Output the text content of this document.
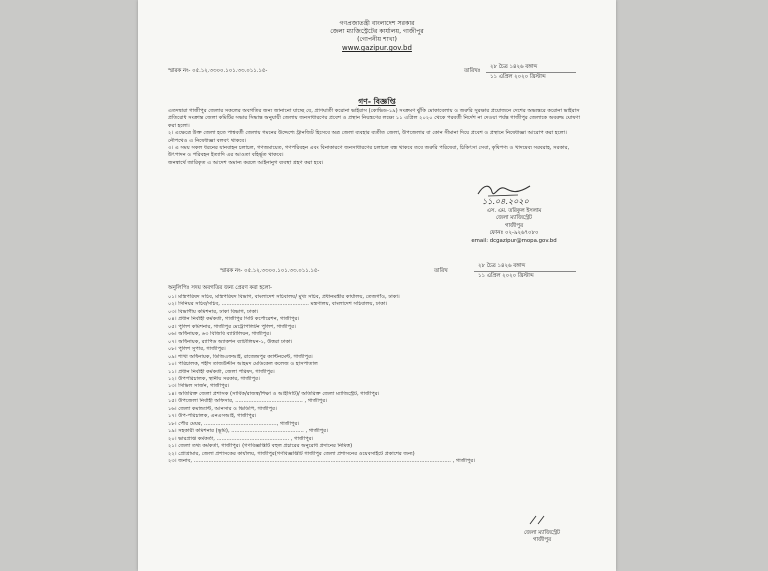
গণপ্রজাতন্ত্রী বাংলাদেশ সরকার
জেলা ম্যাজিস্ট্রেটের কার্যালয়, গাজীপুর
(গোপনীয় শাখা)
www.gazipur.gov.bd
স্মারক নং- ০৫.১২.৩৩০০.১০১.৩৩.০১১.১৫-	তারিখঃ
২৮ চৈত্র ১৪২৬ বঙ্গাব্দ
১১ এপ্রিল ২০২০ খ্রিস্টাব্দ
গণ- বিজ্ঞপ্তি

এতদদ্বারা গাজীপুর জেলার সকলের অবগতির জন্য জানানো যাচ্ছে যে, প্রাণঘাতী করোনা ভাইরাস (কোভিড-১৯) সংক্রমণ ঝুঁকি মোকাবেলায় ও জরুরি সুরক্ষার প্রয়োজনে দেশের অভ্যন্তরে করোনা ভাইরাস প্রতিরোধ সংক্রান্ত জেলা কমিটির সভার সিদ্ধান্ত অনুযায়ী জেলায় জনসাধারণের প্রবেশ ও প্রস্থান নিয়ন্ত্রণের লক্ষ্যে ১১ এপ্রিল ২০২০ থেকে পরবর্তী নির্দেশ না দেওয়া পর্যন্ত গাজীপুর জেলাকে অবরুদ্ধ ঘোষণা করা হলো।

২। এক্ষেত্রে উক্ত জেলা হতে পাশ্ববর্তী জেলায় গমনের উদ্দেশ্যে ট্রানজিট হিসেবে অত্র জেলা ব্যবহার ব্যতীত জেলা, উপজেলার বা কোন সীমানা দিয়ে প্রবেশ ও প্রস্থানে নিষেধাজ্ঞা আরোপ করা হলো। নৌপথেও এ নিষেধাজ্ঞা বলবৎ থাকবে।

৩। এ সময় সকল ধরনের যানবাহন চলাচল, গণজমায়েত, গণপরিবহন এবং বিনাকারণে জনসাধারণের চলাচল বন্ধ থাকবে তবে জরুরি পরিষেবা, চিকিৎসা সেবা, কৃষিপণ্য ও খাদ্যদ্রব্য সরবরাহ, সরকার, উৎপাদন ও পরিবহন ইত্যাদি এর আওতা বহির্ভূত থাকবে।

জনস্বার্থে জারিকৃত এ আদেশ অমান্য করলে আইনানুগ ব্যবস্থা গ্রহণ করা হবে।

১১.০৪.২০২০
এস. এম. তরিকুল ইসলাম
জেলা ম্যাজিস্ট্রেট
গাজীপুর
ফোনঃ ০২-৯২৬৭০৮০
email: dcgazipur@mopa.gov.bd
স্মারক নং- ০৫.১২.৩৩০০.১০১.৩৩.০১১.১৫-	তারিখ
২৮ চৈত্র ১৪২৬ বঙ্গাব্দ
১১ এপ্রিল ২০২০ খ্রিস্টাব্দ
অনুলিপিঃ সদয় অবগতির জন্য প্রেরণ করা হলো-
০১। মন্ত্রিপরিষদ সচিব, মন্ত্রিপরিষদ বিভাগ, বাংলাদেশ সচিবালয়/ মুখ্য সচিব, প্রধানমন্ত্রীর কার্যালয়, তেজগাঁও, ঢাকা।
০২। সিনিয়র সচিব/সচিব, ..................................................... মন্ত্রণালয়, বাংলাদেশ সচিবালয়, ঢাকা।
০৩। বিভাগীয় কমিশনার, ঢাকা বিভাগ, ঢাকা।
০৪। প্রধান নির্বাহী কর্মকর্তা, গাজীপুর সিটি কর্পোরেশন, গাজীপুর।
০৫। পুলিশ কমিশনার, গাজীপুর মেট্রোপলিটন পুলিশ, গাজীপুর।
০৬। অধিনায়ক, ৬৩ বিজিবি ব্যাটালিয়ন, গাজীপুর।
০৭। অধিনায়ক, র‍্যাপিড অ্যাকশন ব্যাটালিয়ন-১, উত্তরা ঢাকা।
০৮। পুলিশ সুপার, গাজীপুর।
০৯। শাখা অধিনায়ক, ডিজিএফআই, রাজেন্দ্রপুর ক্যান্টনমেন্ট, গাজীপুর।
১০। পরিচালক, শহীদ তাজউদ্দীন আহমদ মেডিকেল কলেজ ও হাসপাতাল
১১। প্রধান নির্বাহী কর্মকর্তা, জেলা পরিষদ, গাজীপুর।
১২। উপপরিচালক, স্থানীয় সরকার, গাজীপুর।
১৩। সিভিল সার্জন, গাজীপুর।
১৪। অতিরিক্ত জেলা প্রশাসক (সার্বিক/রাজস্ব/শিক্ষা ও আইসিটি)/ অতিরিক্ত জেলা ম্যাজিস্ট্রেট, গাজীপুর।
১৫। উপজেলা নির্বাহী অফিসার, ......................................... , গাজীপুর।
১৬। জেলা কমান্ড্যান্ট, আনসার ও ভিডিপি, গাজীপুর।
১৭। উপ-পরিচালক, এনএসআই, গাজীপুর।
১৮। পৌর মেয়র, ............................................, গাজীপুর।
১৯। সহকারী কমিশনার (ভূমি), ............................................ , গাজীপুর।
২০। ভারপ্রাপ্ত কর্মকর্তা, ............................................ , গাজীপুর।
২১। জেলা তথ্য কর্মকর্তা, গাজীপুর। (গণবিজ্ঞপ্তিটি বহুল প্রচারের অনুরোধ প্রদানের নিমিত্ত)
২২। প্রোগ্রামার, জেলা প্রশাসকের কার্যালয়, গাজীপুর(গণবিজ্ঞপ্তিটি গাজীপুর জেলা প্রশাসনের ওয়েবসাইটে প্রকাশের জন্য)
২৩। জনাব, ............................................................................................................................................................ , গাজীপুর।
জেলা ম্যাজিস্ট্রেট
গাজীপুর
